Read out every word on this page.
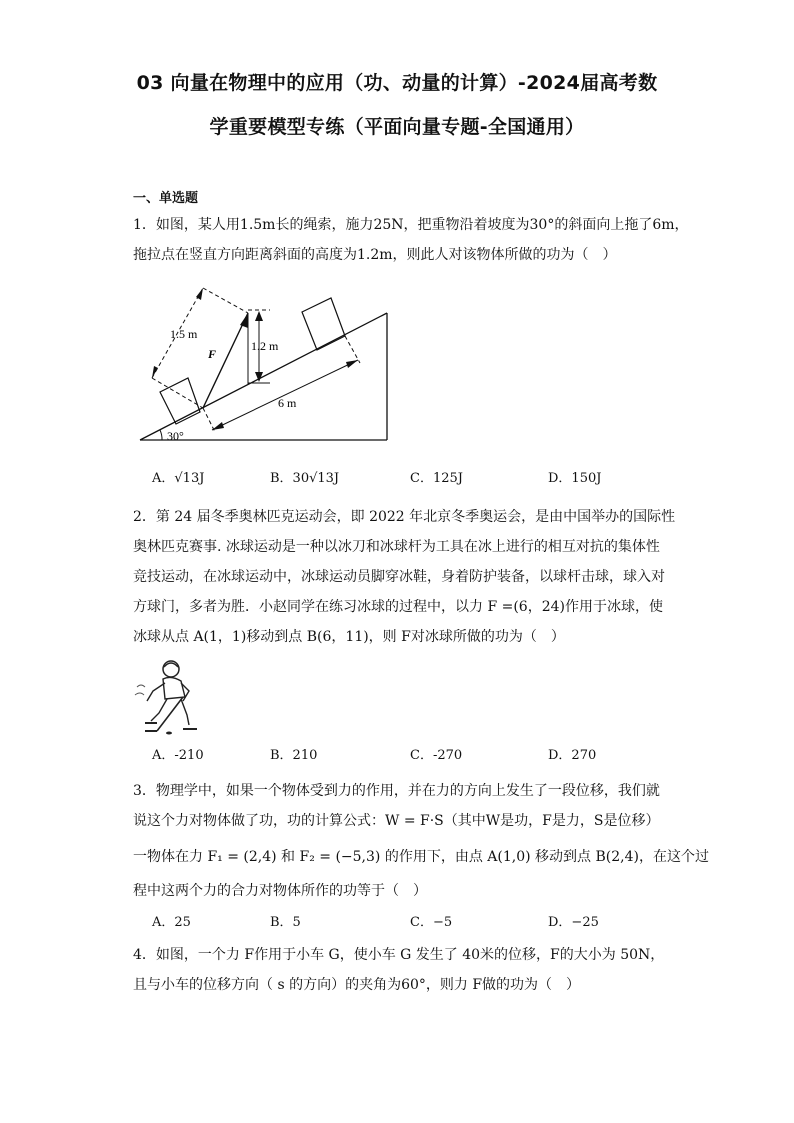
03 向量在物理中的应用（功、动量的计算）-2024届高考数
学重要模型专练（平面向量专题-全国通用）
一、单选题
1．如图，某人用1.5m长的绳索，施力25N，把重物沿着坡度为30°的斜面向上拖了6m，
拖拉点在竖直方向距离斜面的高度为1.2m，则此人对该物体所做的功为（　）
1.5 m
F
1.2 m
6 m
30°
A．√13J	B．30√13J	C．125J	D．150J
2．第 24 届冬季奥林匹克运动会，即 2022 年北京冬季奥运会，是由中国举办的国际性
奥林匹克赛事. 冰球运动是一种以冰刀和冰球杆为工具在冰上进行的相互对抗的集体性
竞技运动，在冰球运动中，冰球运动员脚穿冰鞋，身着防护装备，以球杆击球，球入对
方球门，多者为胜．小赵同学在练习冰球的过程中，以力 F =(6，24)作用于冰球，使
冰球从点 A(1，1)移动到点 B(6，11)，则 F对冰球所做的功为（　）
A．-210	B．210	C．-270	D．270
3．物理学中，如果一个物体受到力的作用，并在力的方向上发生了一段位移，我们就
说这个力对物体做了功，功的计算公式：W = F·S（其中W是功，F是力，S是位移）
一物体在力 F₁ = (2,4) 和 F₂ = (−5,3) 的作用下，由点 A(1,0) 移动到点 B(2,4)，在这个过
程中这两个力的合力对物体所作的功等于（　）
A．25	B．5	C．−5	D．−25
4．如图，一个力 F作用于小车 G，使小车 G 发生了 40米的位移，F的大小为 50N，
且与小车的位移方向（ s 的方向）的夹角为60°，则力 F做的功为（　）
